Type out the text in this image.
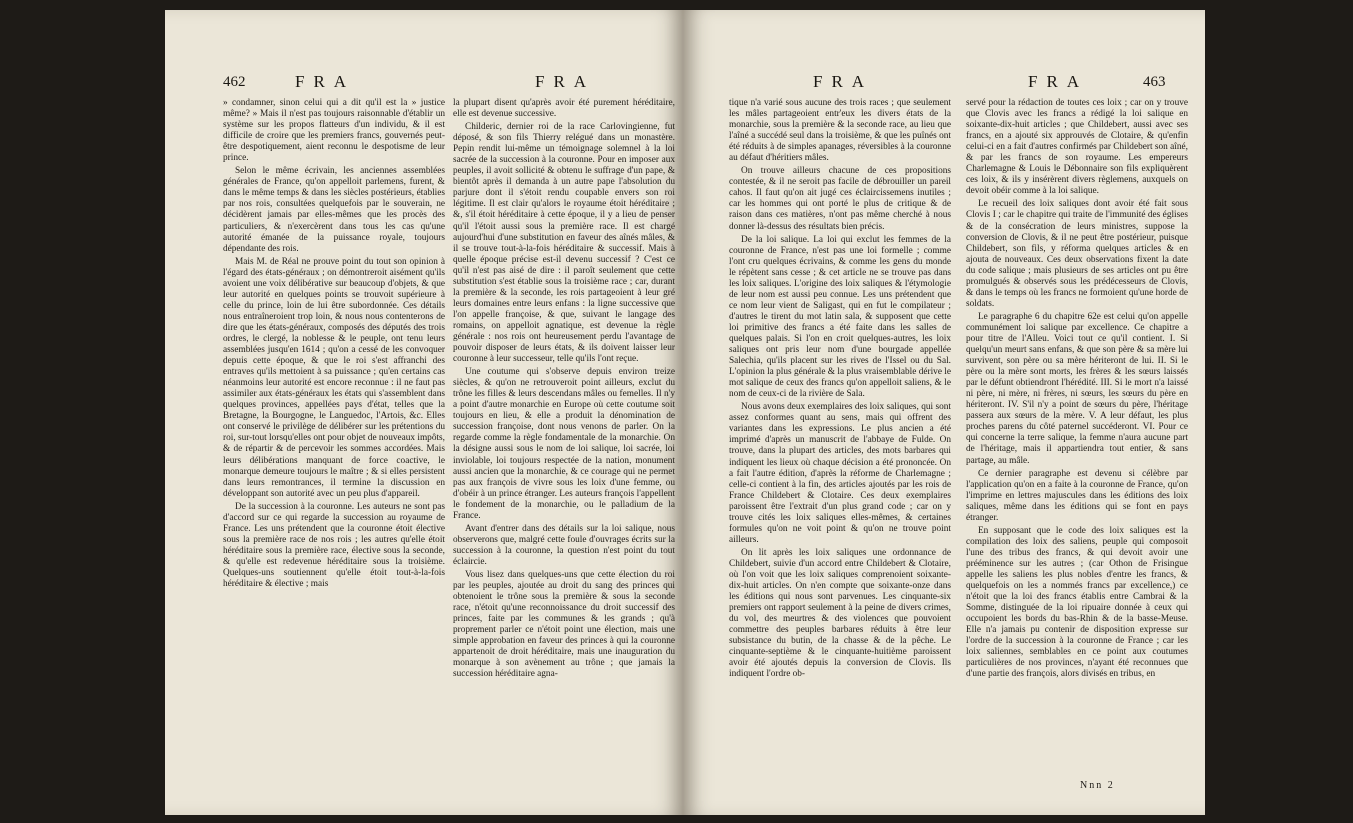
462	FRA	FRA

» condamner, sinon celui qui a dit qu'il est la » justice même? » Mais il n'est pas toujours raisonnable d'établir un système sur les propos flatteurs d'un individu, & il est difficile de croire que les premiers francs, gouvernés peut-être despotiquement, aient reconnu le despotisme de leur prince.

Selon le même écrivain, les anciennes assemblées générales de France, qu'on appelloit parlemens, furent, & dans le même temps & dans les siècles postérieurs, établies par nos rois, consultées quelquefois par le souverain, ne décidèrent jamais par elles-mêmes que les procès des particuliers, & n'exercèrent dans tous les cas qu'une autorité émanée de la puissance royale, toujours dépendante des rois.

Mais M. de Réal ne prouve point du tout son opinion à l'égard des états-généraux ; on démontreroit aisément qu'ils avoient une voix délibérative sur beaucoup d'objets, & que leur autorité en quelques points se trouvoit supérieure à celle du prince, loin de lui être subordonnée. Ces détails nous entraîneroient trop loin, & nous nous contenterons de dire que les états-généraux, composés des députés des trois ordres, le clergé, la noblesse & le peuple, ont tenu leurs assemblées jusqu'en 1614 ; qu'on a cessé de les convoquer depuis cette époque, & que le roi s'est affranchi des entraves qu'ils mettoient à sa puissance ; qu'en certains cas néanmoins leur autorité est encore reconnue : il ne faut pas assimiler aux états-généraux les états qui s'assemblent dans quelques provinces, appellées pays d'état, telles que la Bretagne, la Bourgogne, le Languedoc, l'Artois, &c. Elles ont conservé le privilège de délibérer sur les prétentions du roi, sur-tout lorsqu'elles ont pour objet de nouveaux impôts, & de répartir & de percevoir les sommes accordées. Mais leurs délibérations manquant de force coactive, le monarque demeure toujours le maître ; & si elles persistent dans leurs remontrances, il termine la discussion en développant son autorité avec un peu plus d'appareil.

De la succession à la couronne. Les auteurs ne sont pas d'accord sur ce qui regarde la succession au royaume de France. Les uns prétendent que la couronne étoit élective sous la première race de nos rois ; les autres qu'elle étoit héréditaire sous la première race, élective sous la seconde, & qu'elle est redevenue héréditaire sous la troisième. Quelques-uns soutiennent qu'elle étoit tout-à-la-fois héréditaire & élective ; mais

la plupart disent qu'après avoir été purement héréditaire, elle est devenue successive.

Childeric, dernier roi de la race Carlovingienne, fut déposé, & son fils Thierry relégué dans un monastère. Pepin rendit lui-même un témoignage solemnel à la loi sacrée de la succession à la couronne. Pour en imposer aux peuples, il avoit sollicité & obtenu le suffrage d'un pape, & bientôt après il demanda à un autre pape l'absolution du parjure dont il s'étoit rendu coupable envers son roi légitime. Il est clair qu'alors le royaume étoit héréditaire ; &, s'il étoit héréditaire à cette époque, il y a lieu de penser qu'il l'étoit aussi sous la première race. Il est chargé aujourd'hui d'une substitution en faveur des aînés mâles, & il se trouve tout-à-la-fois héréditaire & successif. Mais à quelle époque précise est-il devenu successif ? C'est ce qu'il n'est pas aisé de dire : il paroît seulement que cette substitution s'est établie sous la troisième race ; car, durant la première & la seconde, les rois partageoient à leur gré leurs domaines entre leurs enfans : la ligne successive que l'on appelle françoise, & que, suivant le langage des romains, on appelloit agnatique, est devenue la règle générale : nos rois ont heureusement perdu l'avantage de pouvoir disposer de leurs états, & ils doivent laisser leur couronne à leur successeur, telle qu'ils l'ont reçue.

Une coutume qui s'observe depuis environ treize siècles, & qu'on ne retrouveroit point ailleurs, exclut du trône les filles & leurs descendans mâles ou femelles. Il n'y a point d'autre monarchie en Europe où cette coutume soit toujours en lieu, & elle a produit la dénomination de succession françoise, dont nous venons de parler. On la regarde comme la règle fondamentale de la monarchie. On la désigne aussi sous le nom de loi salique, loi sacrée, loi inviolable, loi toujours respectée de la nation, monument aussi ancien que la monarchie, & ce courage qui ne permet pas aux françois de vivre sous les loix d'une femme, ou d'obéir à un prince étranger. Les auteurs françois l'appellent le fondement de la monarchie, ou le palladium de la France.

Avant d'entrer dans des détails sur la loi salique, nous observerons que, malgré cette foule d'ouvrages écrits sur la succession à la couronne, la question n'est point du tout éclaircie.

Vous lisez dans quelques-uns que cette élection du roi par les peuples, ajoutée au droit du sang des princes qui obtenoient le trône sous la première & sous la seconde race, n'étoit qu'une reconnoissance du droit successif des princes, faite par les communes & les grands ; qu'à proprement parler ce n'étoit point une élection, mais une simple approbation en faveur des princes à qui la couronne appartenoit de droit héréditaire, mais une inauguration du monarque à son avènement au trône ; que jamais la succession héréditaire agna-

FRA	FRA	463

tique n'a varié sous aucune des trois races ; que seulement les mâles partageoient entr'eux les divers états de la monarchie, sous la première & la seconde race, au lieu que l'aîné a succédé seul dans la troisième, & que les puînés ont été réduits à de simples apanages, réversibles à la couronne au défaut d'héritiers mâles.

On trouve ailleurs chacune de ces propositions contestée, & il ne seroit pas facile de débrouiller un pareil cahos. Il faut qu'on ait jugé ces éclaircissemens inutiles ; car les hommes qui ont porté le plus de critique & de raison dans ces matières, n'ont pas même cherché à nous donner là-dessus des résultats bien précis.

De la loi salique. La loi qui exclut les femmes de la couronne de France, n'est pas une loi formelle ; comme l'ont cru quelques écrivains, & comme les gens du monde le répètent sans cesse ; & cet article ne se trouve pas dans les loix saliques. L'origine des loix saliques & l'étymologie de leur nom est aussi peu connue. Les uns prétendent que ce nom leur vient de Saligast, qui en fut le compilateur ; d'autres le tirent du mot latin sala, & supposent que cette loi primitive des francs a été faite dans les salles de quelques palais. Si l'on en croit quelques-autres, les loix saliques ont pris leur nom d'une bourgade appellée Salechia, qu'ils placent sur les rives de l'Issel ou du Sal. L'opinion la plus générale & la plus vraisemblable dérive le mot salique de ceux des francs qu'on appelloit saliens, & le nom de ceux-ci de la rivière de Sala.

Nous avons deux exemplaires des loix saliques, qui sont assez conformes quant au sens, mais qui offrent des variantes dans les expressions. Le plus ancien a été imprimé d'après un manuscrit de l'abbaye de Fulde. On trouve, dans la plupart des articles, des mots barbares qui indiquent les lieux où chaque décision a été prononcée. On a fait l'autre édition, d'après la réforme de Charlemagne ; celle-ci contient à la fin, des articles ajoutés par les rois de France Childebert & Clotaire. Ces deux exemplaires paroissent être l'extrait d'un plus grand code ; car on y trouve cités les loix saliques elles-mêmes, & certaines formules qu'on ne voit point & qu'on ne trouve point ailleurs.

On lit après les loix saliques une ordonnance de Childebert, suivie d'un accord entre Childebert & Clotaire, où l'on voit que les loix saliques comprenoient soixante-dix-huit articles. On n'en compte que soixante-onze dans les éditions qui nous sont parvenues. Les cinquante-six premiers ont rapport seulement à la peine de divers crimes, du vol, des meurtres & des violences que pouvoient commettre des peuples barbares réduits à être leur subsistance du butin, de la chasse & de la pêche. Le cinquante-septième & le cinquante-huitième paroissent avoir été ajoutés depuis la conversion de Clovis. Ils indiquent l'ordre ob-

servé pour la rédaction de toutes ces loix ; car on y trouve que Clovis avec les francs a rédigé la loi salique en soixante-dix-huit articles ; que Childebert, aussi avec ses francs, en a ajouté six approuvés de Clotaire, & qu'enfin celui-ci en a fait d'autres confirmés par Childebert son aîné, & par les francs de son royaume. Les empereurs Charlemagne & Louis le Débonnaire son fils expliquèrent ces loix, & ils y insérèrent divers règlemens, auxquels on devoit obéir comme à la loi salique.

Le recueil des loix saliques dont avoir été fait sous Clovis I ; car le chapitre qui traite de l'immunité des églises & de la consécration de leurs ministres, suppose la conversion de Clovis, & il ne peut être postérieur, puisque Childebert, son fils, y réforma quelques articles & en ajouta de nouveaux. Ces deux observations fixent la date du code salique ; mais plusieurs de ses articles ont pu être promulgués & observés sous les prédécesseurs de Clovis, & dans le temps où les francs ne formoient qu'une horde de soldats.

Le paragraphe 6 du chapitre 62e est celui qu'on appelle communément loi salique par excellence. Ce chapitre a pour titre de l'Alleu. Voici tout ce qu'il contient. I. Si quelqu'un meurt sans enfans, & que son père & sa mère lui survivent, son père ou sa mère hériteront de lui. II. Si le père ou la mère sont morts, les frères & les sœurs laissés par le défunt obtiendront l'hérédité. III. Si le mort n'a laissé ni père, ni mère, ni frères, ni sœurs, les sœurs du père en hériteront. IV. S'il n'y a point de sœurs du père, l'héritage passera aux sœurs de la mère. V. A leur défaut, les plus proches parens du côté paternel succéderont. VI. Pour ce qui concerne la terre salique, la femme n'aura aucune part de l'héritage, mais il appartiendra tout entier, & sans partage, au mâle.

Ce dernier paragraphe est devenu si célèbre par l'application qu'on en a faite à la couronne de France, qu'on l'imprime en lettres majuscules dans les éditions des loix saliques, même dans les éditions qui se font en pays étranger.

En supposant que le code des loix saliques est la compilation des loix des saliens, peuple qui composoit l'une des tribus des francs, & qui devoit avoir une prééminence sur les autres ; (car Othon de Frisingue appelle les saliens les plus nobles d'entre les francs, & quelquefois on les a nommés francs par excellence,) ce n'étoit que la loi des francs établis entre Cambrai & la Somme, distinguée de la loi ripuaire donnée à ceux qui occupoient les bords du bas-Rhin & de la basse-Meuse. Elle n'a jamais pu contenir de disposition expresse sur l'ordre de la succession à la couronne de France ; car les loix saliennes, semblables en ce point aux coutumes particulières de nos provinces, n'ayant été reconnues que d'une partie des françois, alors divisés en tribus, en

Nnn 2
